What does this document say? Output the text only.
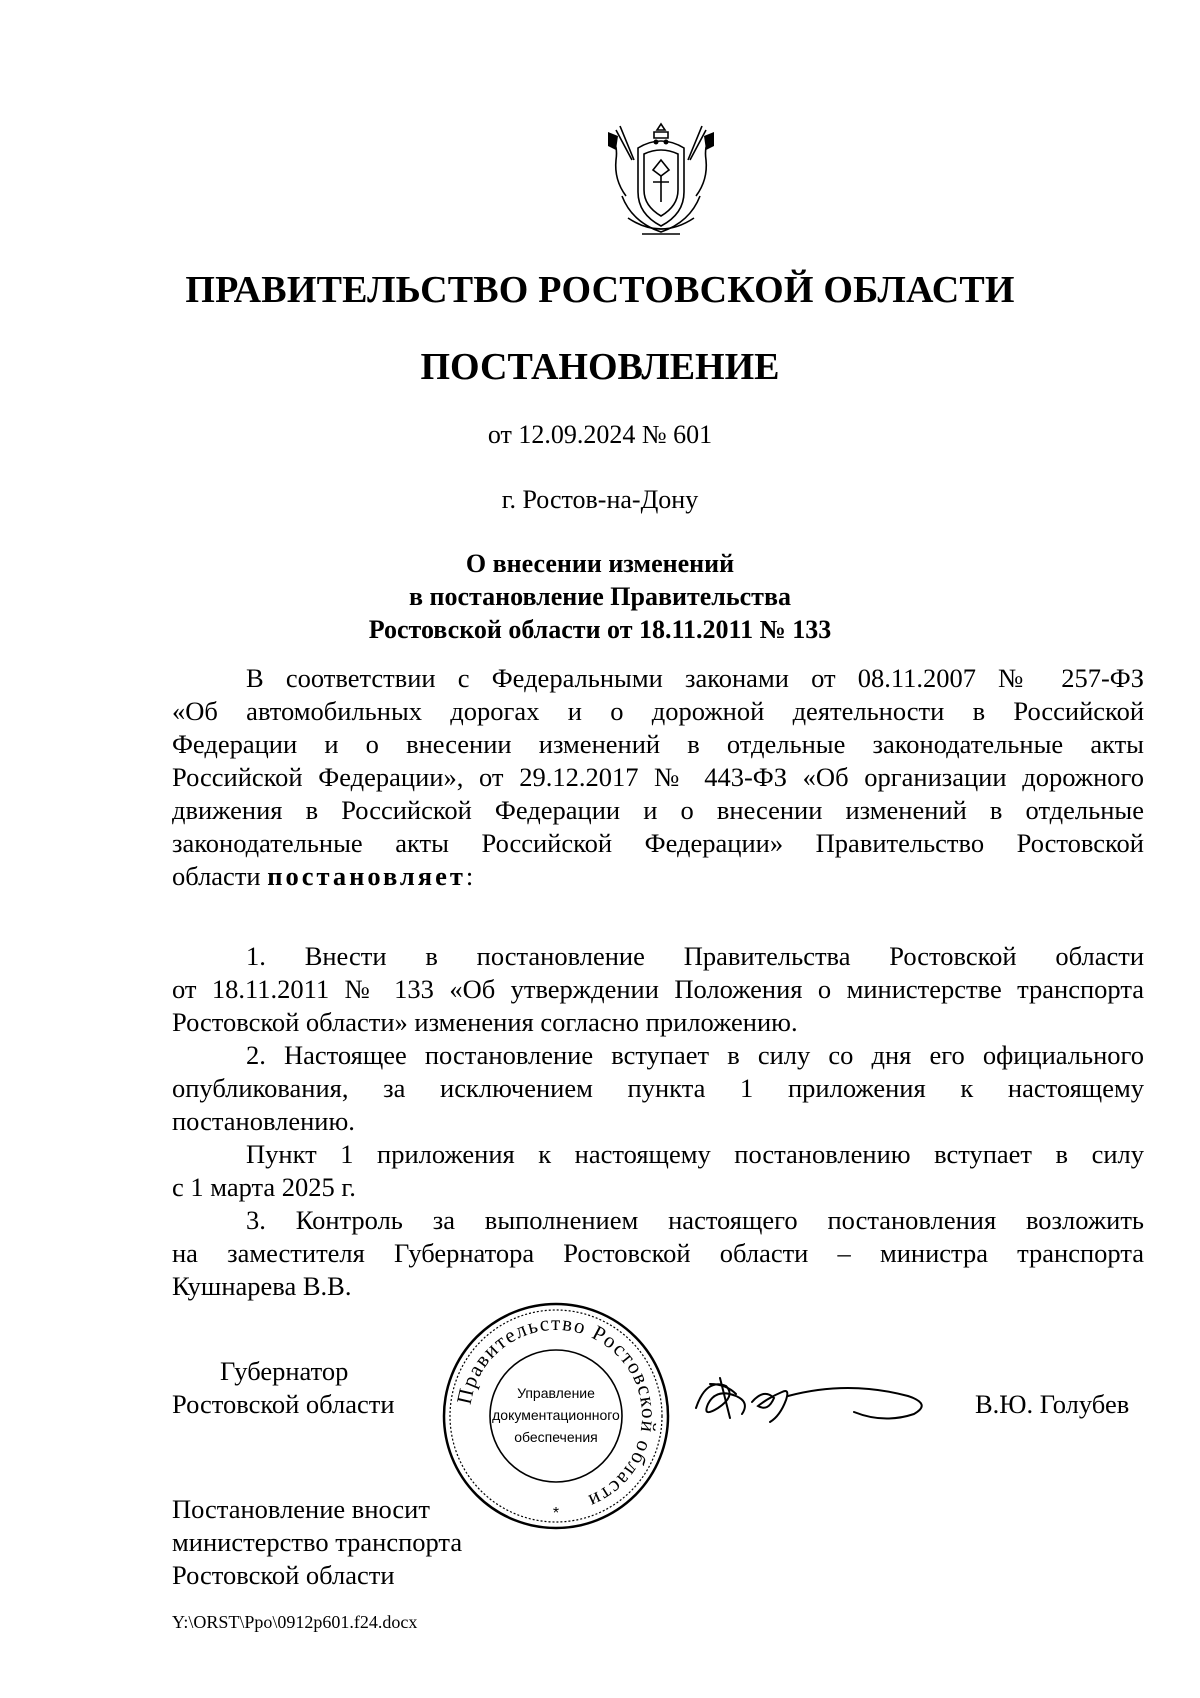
ПРАВИТЕЛЬСТВО РОСТОВСКОЙ ОБЛАСТИ
ПОСТАНОВЛЕНИЕ
от 12.09.2024 № 601
г. Ростов-на-Дону
О внесении изменений
в постановление Правительства
Ростовской области от 18.11.2011 № 133
В соответствии с Федеральными законами от 08.11.2007 № 257-ФЗ
«Об автомобильных дорогах и о дорожной деятельности в Российской
Федерации и о внесении изменений в отдельные законодательные акты
Российской Федерации», от 29.12.2017 № 443-ФЗ «Об организации дорожного
движения в Российской Федерации и о внесении изменений в отдельные
законодательные акты Российской Федерации» Правительство Ростовской
области постановляет:
1. Внести в постановление Правительства Ростовской области
от 18.11.2011 № 133 «Об утверждении Положения о министерстве транспорта
Ростовской области» изменения согласно приложению.
2. Настоящее постановление вступает в силу со дня его официального
опубликования, за исключением пункта 1 приложения к настоящему
постановлению.
Пункт 1 приложения к настоящему постановлению вступает в силу
с 1 марта 2025 г.
3. Контроль за выполнением настоящего постановления возложить
на заместителя Губернатора Ростовской области – министра транспорта
Кушнарева В.В.
Губернатор
Ростовской области	Правительство Ростовской области
Управление
документационного
обеспечения
*
В.Ю. Голубев
Постановление вносит
министерство транспорта
Ростовской области
Y:\ORST\Ppo\0912p601.f24.docx
